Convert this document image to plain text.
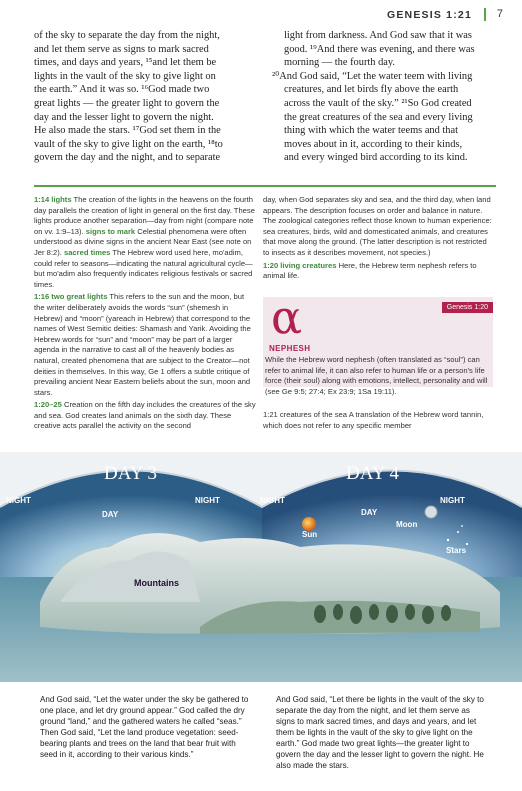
GENESIS 1:21 7
of the sky to separate the day from the night,
and let them serve as signs to mark sacred
times, and days and years, ¹⁵and let them be
lights in the vault of the sky to give light on
the earth.” And it was so. ¹⁶God made two
great lights — the greater light to govern the
day and the lesser light to govern the night.
He also made the stars. ¹⁷God set them in the
vault of the sky to give light on the earth, ¹⁸to
govern the day and the night, and to separate
light from darkness. And God saw that it was
good. ¹⁹And there was evening, and there was
morning — the fourth day.
²⁰And God said, “Let the water teem with living
creatures, and let birds fly above the earth
across the vault of the sky.” ²¹So God created
the great creatures of the sea and every living
thing with which the water teems and that
moves about in it, according to their kinds,
and every winged bird according to its kind.

1:14 lights The creation of the lights in the heavens on the fourth day parallels the creation of light in general on the first day. These lights produce another separation—day from night (compare note on vv. 1:9–13). signs to mark Celestial phenomena were often understood as divine signs in the ancient Near East (see note on Jer 8:2). sacred times The Hebrew word used here, mo'adim, could refer to seasons—indicating the natural agricultural cycle—but mo'adim also frequently indicates religious festivals or sacred times.

1:16 two great lights This refers to the sun and the moon, but the writer deliberately avoids the words “sun” (shemesh in Hebrew) and “moon” (yareach in Hebrew) that correspond to the names of West Semitic deities: Shamash and Yarik. Avoiding the Hebrew words for “sun” and “moon” may be part of a larger agenda in the narrative to cast all of the heavenly bodies as natural, created phenomena that are subject to the Creator—not deities in themselves. In this way, Ge 1 offers a subtle critique of prevailing ancient Near Eastern beliefs about the sun, moon and stars.

1:20–25 Creation on the fifth day includes the creatures of the sky and sea. God creates land animals on the sixth day. These creative acts parallel the activity on the second

day, when God separates sky and sea, and the third day, when land appears. The description focuses on order and balance in nature. The zoological categories reflect those known to human experience: sea creatures, birds, wild and domesticated animals, and creatures that move along the ground. (The latter description is not restricted to insects as it describes movement, not species.)

1:20 living creatures Here, the Hebrew term nephesh refers to animal life.

α	Genesis 1:20
NEPHESH
While the Hebrew word nephesh (often translated as “soul”) can refer to animal life, it can also refer to human life or a person's life force (their soul) along with emotions, intellect, personality and will (see Ge 9:5; 27:4; Ex 23:9; 1Sa 19:11).

1:21 creatures of the sea A translation of the Hebrew word tannin, which does not refer to any specific member

DAY 3	DAY 4
NIGHT
DAY
NIGHT	NIGHT
DAY
NIGHT
Sun
Moon
Stars
Mountains
And God said, “Let the water under the sky be gathered to one place, and let dry ground appear.” God called the dry ground “land,” and the gathered waters he called “seas.” Then God said, “Let the land produce vegetation: seed-bearing plants and trees on the land that bear fruit with seed in it, according to their various kinds.”
And God said, “Let there be lights in the vault of the sky to separate the day from the night, and let them serve as signs to mark sacred times, and days and years, and let them be lights in the vault of the sky to give light on the earth.” God made two great lights—the greater light to govern the day and the lesser light to govern the night. He also made the stars.
